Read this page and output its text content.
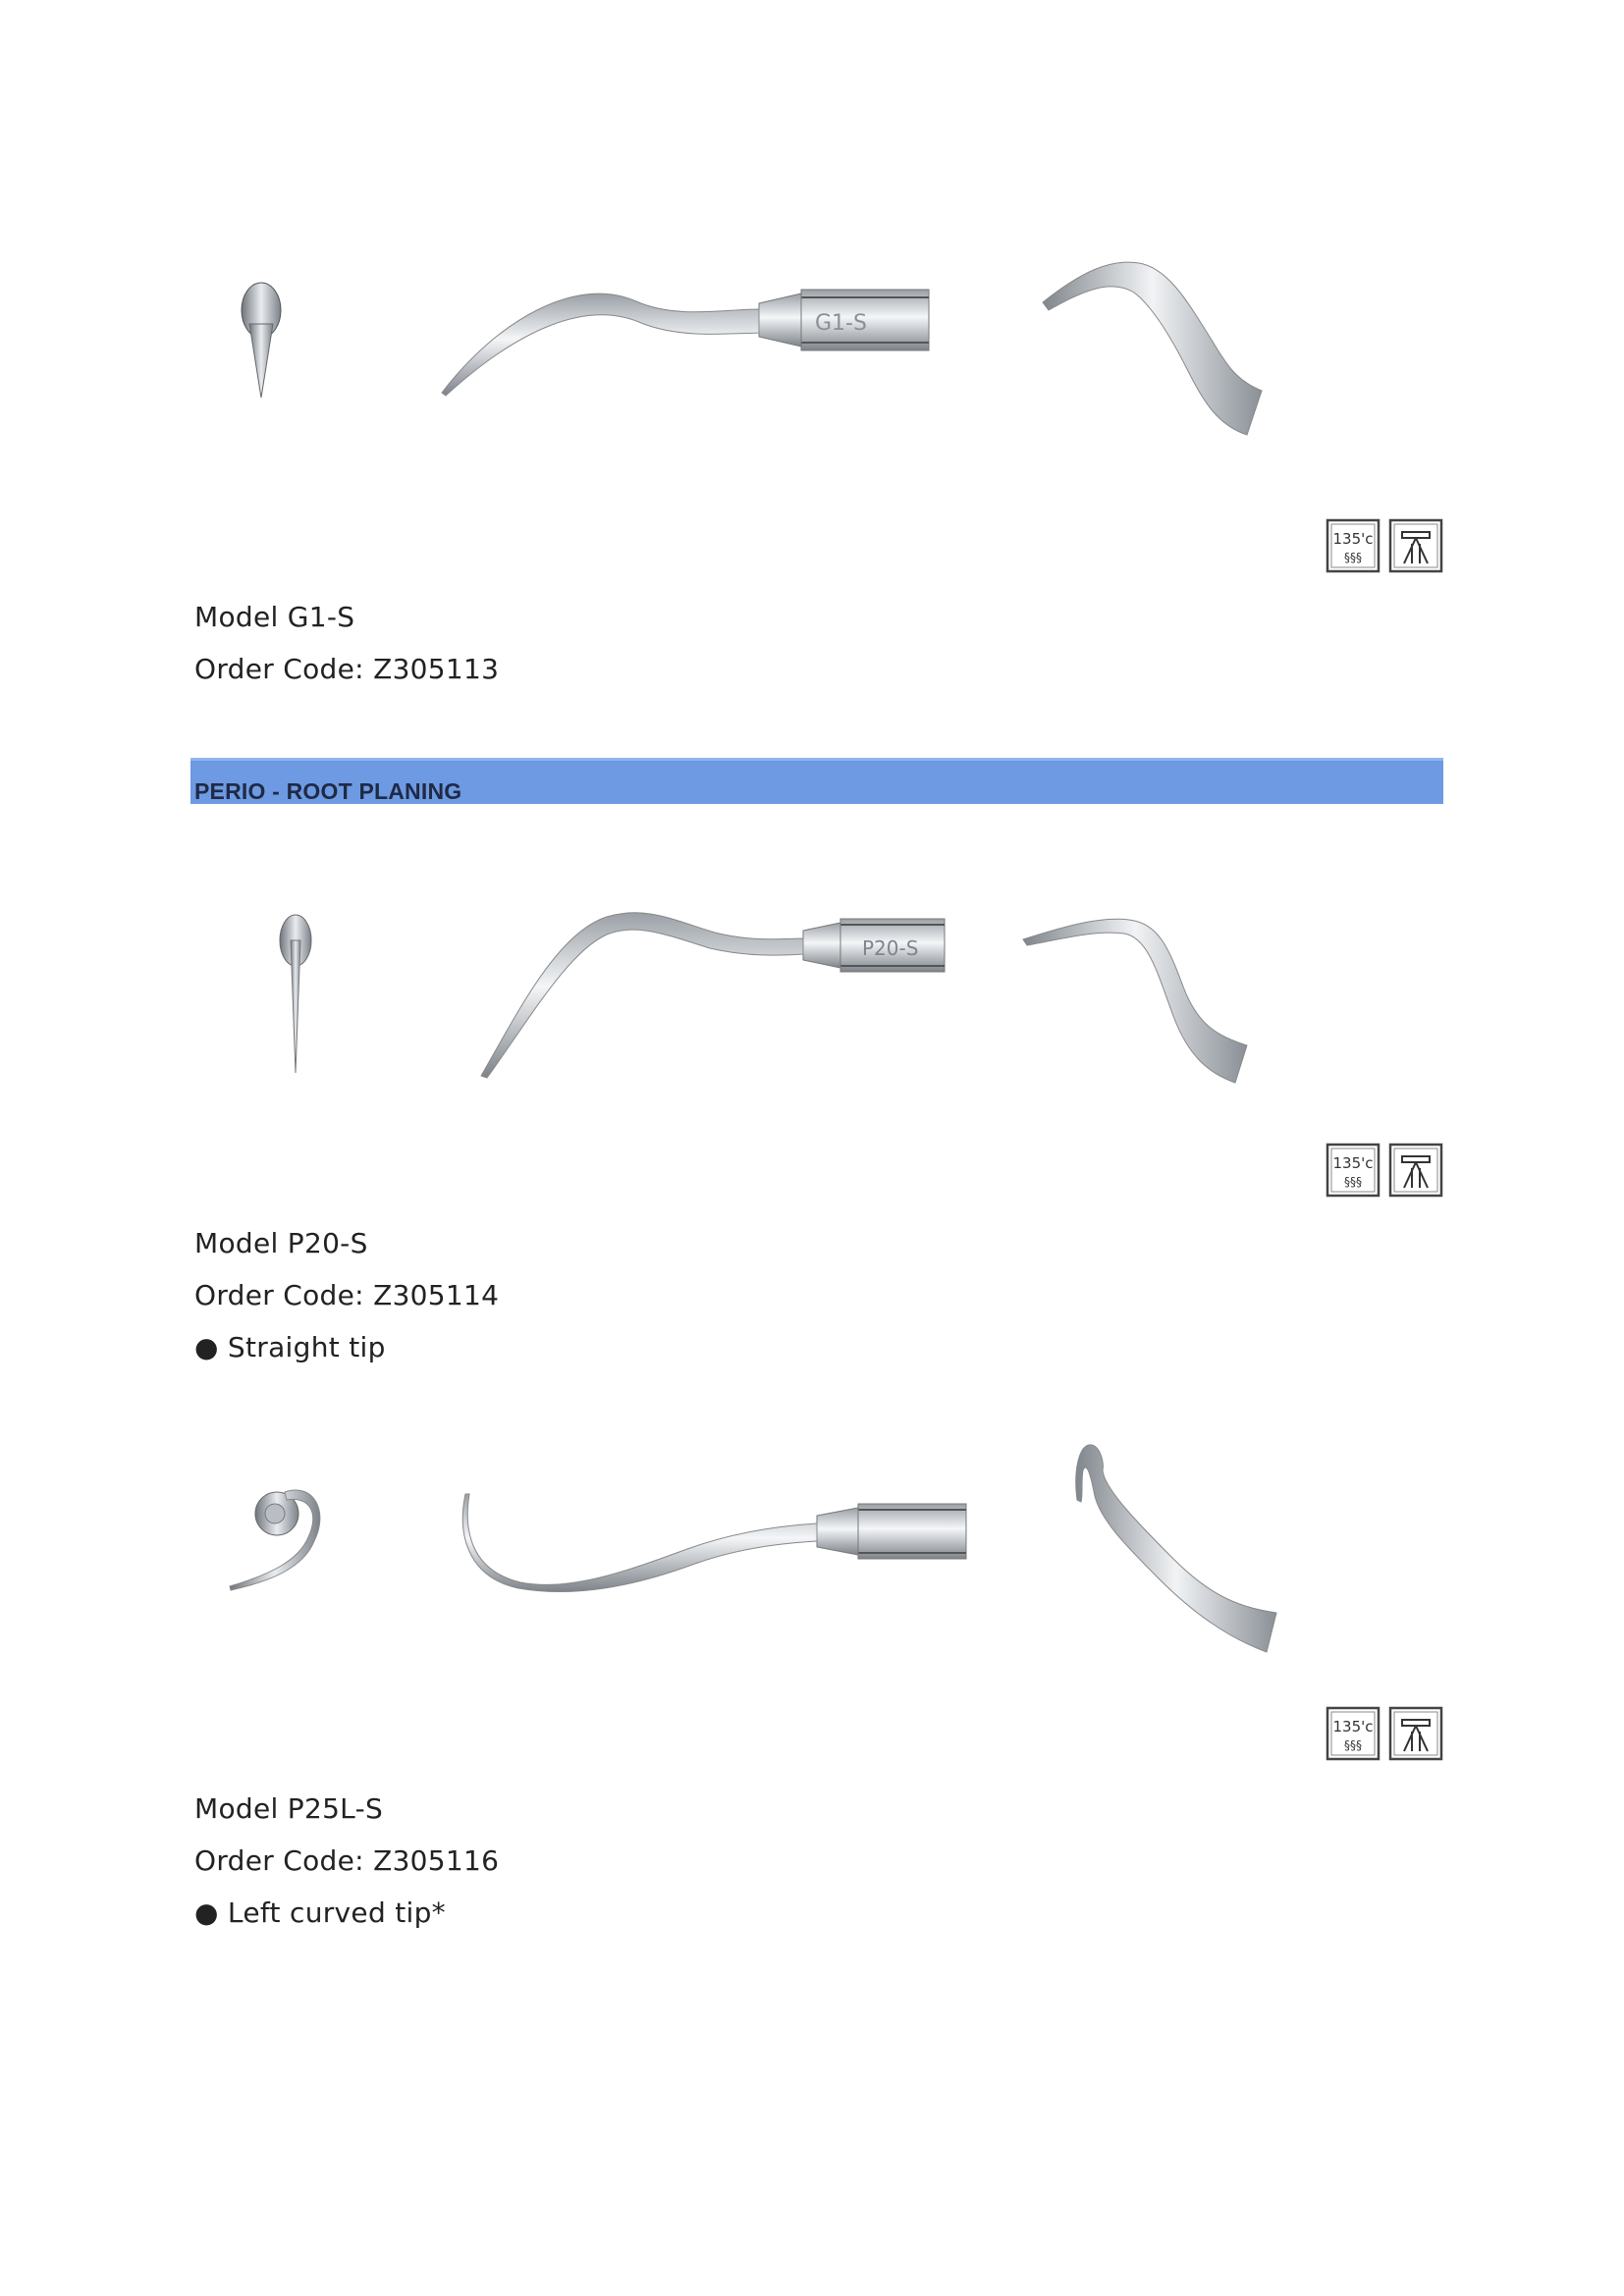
G1-S
135'c
§§§
Model G1-S
Order Code: Z305113
PERIO - ROOT PLANING
P20-S
135'c
§§§
Model P20-S
Order Code: Z305114
● Straight tip
135'c
§§§
Model P25L-S
Order Code: Z305116
● Left curved tip*
